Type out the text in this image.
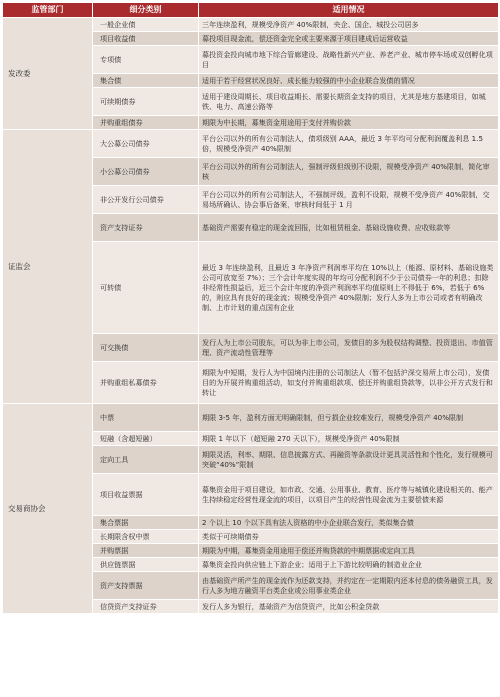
监管部门	细分类别	适用情况
发改委	一般企业债	三年连续盈利，规模受净资产 40%限制，央企、国企、城投公司居多
	项目收益债	募投项目现金流，偿还资金完全或主要来源于项目建成后运营收益
	专项债	募投资金投向城市地下综合管廊建设、战略性新兴产业、养老产业、城市停车场或双创孵化项目
	集合债	适用于若干经营状况良好、成长能力较强的中小企业联合发债的情况
	可续期债券	适用于建设周期长、项目收益期长、需要长期资金支持的项目，尤其是地方基建项目，如城铁、电力、高速公路等
	并购重组债券	期限为中长期，募集资金用途用于支付并购价款
证监会	大公募公司债券	平台公司以外的所有公司制法人，债项级别 AAA，最近 3 年平均可分配利润覆盖利息 1.5 倍，规模受净资产 40%限制
	小公募公司债券	平台公司以外的所有公司制法人，强制评级但级别不设限，规模受净资产 40%限制，简化审核
	非公开发行公司债券	平台公司以外的所有公司制法人，不强制评级，盈利不设限，规模不受净资产 40%限制，交易场所确认、协会事后备案，审核时间低于 1 月
	资产支持证券	基础资产需要有稳定的现金流回报，比如租赁租金、基础设施收费、应收账款等
	可转债	最近 3 年连续盈利，且最近 3 年净资产利润率平均在 10%以上（能源、原材料、基础设施类公司可放宽至 7%）；三个会计年度实现的年均可分配利润不少于公司债券一年的利息；扣除非经常性损益后，近三个会计年度的净资产利润率平均值原则上不得低于 6%，若低于 6%的，则应具有良好的现金流；规模受净资产 40%限制；发行人多为上市公司或者有明确改制、上市计划的重点国有企业
	可交换债	发行人为上市公司股东，可以为非上市公司，发债目的多为股权结构调整、投资退出、市值管理、资产流动性管理等
	并购重组私募债券	期限为中短期，发行人为中国境内注册的公司制法人（暂不包括沪深交易所上市公司），发债目的为开展并购重组活动，如支付并购重组款项、偿还并购重组贷款等，以非公开方式发行和转让
交易商协会	中票	期限 3-5 年，盈利方面无明确限制，但亏损企业较难发行，规模受净资产 40%限制
	短融（含超短融）	期限 1 年以下（超短融 270 天以下），规模受净资产 40%限制
	定向工具	期限灵活，利率、期限、信息披露方式、再融资等条款设计更具灵活性和个性化，发行规模可突破“40%”限制
	项目收益票据	募集资金用于项目建设，如市政、交通、公用事业、教育、医疗等与城镇化建设相关的、能产生持续稳定经营性现金流的项目，以项目产生的经营性现金流为主要偿债来源
	集合票据	2 个以上 10 个以下具有法人资格的中小企业联合发行，类似集合债
	长期限含权中票	类似于可续期债券
	并购票据	期限为中期，募集资金用途用于偿还并购贷款的中期票据或定向工具
	供应链票据	募集资金投向供应链上下游企业；适用于上下游比较明确的制造业企业
	资产支持票据	由基础资产所产生的现金流作为还款支持，并约定在一定期限内还本付息的债务融资工具，发行人多为地方融资平台类企业或公用事业类企业
	信贷资产支持证券	发行人多为银行，基础资产为信贷资产，比如公积金贷款
